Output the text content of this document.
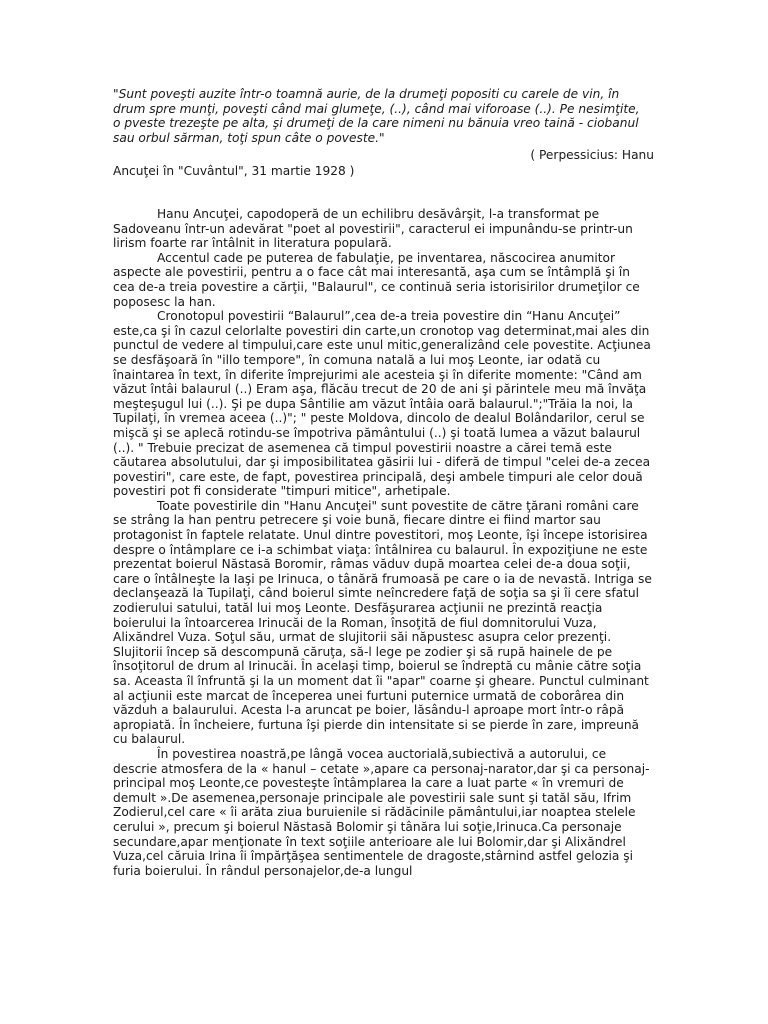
"Sunt poveşti auzite într-o toamnă aurie, de la drumeţi popositi cu carele de vin, în drum spre munţi, poveşti când mai glumeţe, (..), când mai viforoase (..). Pe nesimţite, o pveste trezeşte pe alta, şi drumeţi de la care nimeni nu bănuia vreo taină - ciobanul sau orbul sărman, toţi spun câte o poveste."

( Perpessicius: Hanu

Ancuţei în "Cuvântul", 31 martie 1928 )

Hanu Ancuţei, capodoperă de un echilibru desăvârşit, l-a transformat pe Sadoveanu într-un adevărat "poet al povestirii", caracterul ei impunându-se printr-un lirism foarte rar întâlnit in literatura populară.

Accentul cade pe puterea de fabulaţie, pe inventarea, născocirea anumitor aspecte ale povestirii, pentru a o face cât mai interesantă, aşa cum se întâmplă şi în cea de-a treia povestire a cărţii, "Balaurul", ce continuă seria istorisirilor drumeţilor ce poposesc la han.

Cronotopul povestirii “Balaurul”,cea de-a treia povestire din “Hanu Ancuţei” este,ca şi în cazul celorlalte povestiri din carte,un cronotop vag determinat,mai ales din punctul de vedere al timpului,care este unul mitic,generalizând cele povestite. Acţiunea se desfăşoară în "illo tempore", în comuna natală a lui moş Leonte, iar odată cu înaintarea în text, în diferite împrejurimi ale acesteia şi în diferite momente: "Când am văzut întâi balaurul (..) Eram aşa, flăcău trecut de 20 de ani şi părintele meu mă învăţa meşteşugul lui (..). Şi pe dupa Sântilie am văzut întâia oară balaurul.";"Trăia la noi, la Tupilaţi, în vremea aceea (..)"; " peste Moldova, dincolo de dealul Bolândarilor, cerul se mişcă şi se aplecă rotindu-se împotriva pământului (..) şi toată lumea a văzut balaurul (..). " Trebuie precizat de asemenea că timpul povestirii noastre a cărei temă este căutarea absolutului, dar şi imposibilitatea găsirii lui - diferă de timpul "celei de-a zecea povestiri", care este, de fapt, povestirea principală, deşi ambele timpuri ale celor două povestiri pot fi considerate "timpuri mitice", arhetipale.

Toate povestirile din "Hanu Ancuţei" sunt povestite de către ţărani români care se strâng la han pentru petrecere şi voie bună, fiecare dintre ei fiind martor sau protagonist în faptele relatate. Unul dintre povestitori, moş Leonte, îşi începe istorisirea despre o întâmplare ce i-a schimbat viaţa: întâlnirea cu balaurul. În expoziţiune ne este prezentat boierul Năstasă Boromir, râmas văduv după moartea celei de-a doua soţii, care o întâlneşte la Iaşi pe Irinuca, o tânără frumoasă pe care o ia de nevastă. Intriga se declanşează la Tupilaţi, când boierul simte neîncredere faţă de soţia sa şi îi cere sfatul zodierului satului, tatăl lui moş Leonte. Desfăşurarea acţiunii ne prezintă reacţia boierului la întoarcerea Irinucăi de la Roman, însoţită de fiul domnitorului Vuza, Alixăndrel Vuza. Soţul său, urmat de slujitorii săi năpustesc asupra celor prezenţi. Slujitorii încep să descompună căruţa, să-l lege pe zodier şi să rupă hainele de pe însoţitorul de drum al Irinucăi. În acelaşi timp, boierul se îndreptă cu mânie către soţia sa. Aceasta îl înfruntă şi la un moment dat îi "apar" coarne şi gheare. Punctul culminant al acţiunii este marcat de începerea unei furtuni puternice urmată de coborârea din văzduh a balaurului. Acesta l-a aruncat pe boier, lăsându-l aproape mort într-o râpă apropiată. În încheiere, furtuna îşi pierde din intensitate si se pierde în zare, impreună cu balaurul.

În povestirea noastră,pe lângă vocea auctorială,subiectivă a autorului, ce descrie atmosfera de la « hanul – cetate »,apare ca personaj-narator,dar şi ca personaj-principal moş Leonte,ce povesteşte întâmplarea la care a luat parte « în vremuri de demult ».De asemenea,personaje principale ale povestirii sale sunt şi tatăl său, Ifrim Zodierul,cel care « îi arăta ziua buruienile si rădăcinile pământului,iar noaptea stelele cerului », precum şi boierul Năstasă Bolomir şi tânăra lui soţie,Irinuca.Ca personaje secundare,apar menţionate în text soţiile anterioare ale lui Bolomir,dar şi Alixăndrel Vuza,cel căruia Irina îi împărţăşea sentimentele de dragoste,stârnind astfel gelozia şi furia boierului. În rândul personajelor,de-a lungul
